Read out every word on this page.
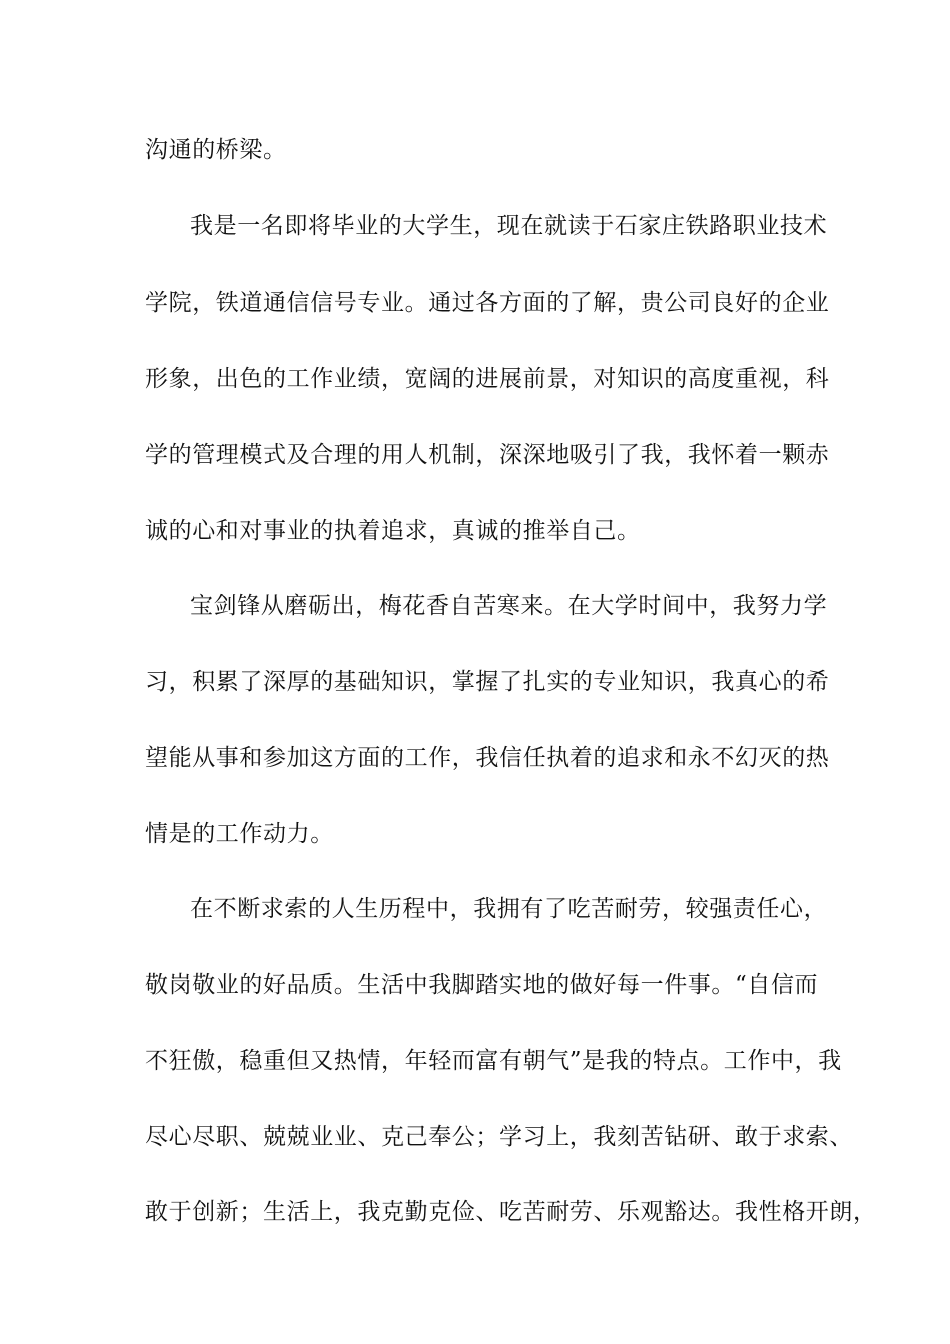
沟通的桥梁。
我是一名即将毕业的大学生，现在就读于石家庄铁路职业技术
学院，铁道通信信号专业。通过各方面的了解，贵公司良好的企业
形象，出色的工作业绩，宽阔的进展前景，对知识的高度重视，科
学的管理模式及合理的用人机制，深深地吸引了我，我怀着一颗赤
诚的心和对事业的执着追求，真诚的推举自己。
宝剑锋从磨砺出，梅花香自苦寒来。在大学时间中，我努力学
习，积累了深厚的基础知识，掌握了扎实的专业知识，我真心的希
望能从事和参加这方面的工作，我信任执着的追求和永不幻灭的热
情是的工作动力。
在不断求索的人生历程中，我拥有了吃苦耐劳，较强责任心，
敬岗敬业的好品质。生活中我脚踏实地的做好每一件事。“自信而
不狂傲，稳重但又热情，年轻而富有朝气”是我的特点。工作中，我
尽心尽职、兢兢业业、克己奉公；学习上，我刻苦钻研、敢于求索、
敢于创新；生活上，我克勤克俭、吃苦耐劳、乐观豁达。我性格开朗，
